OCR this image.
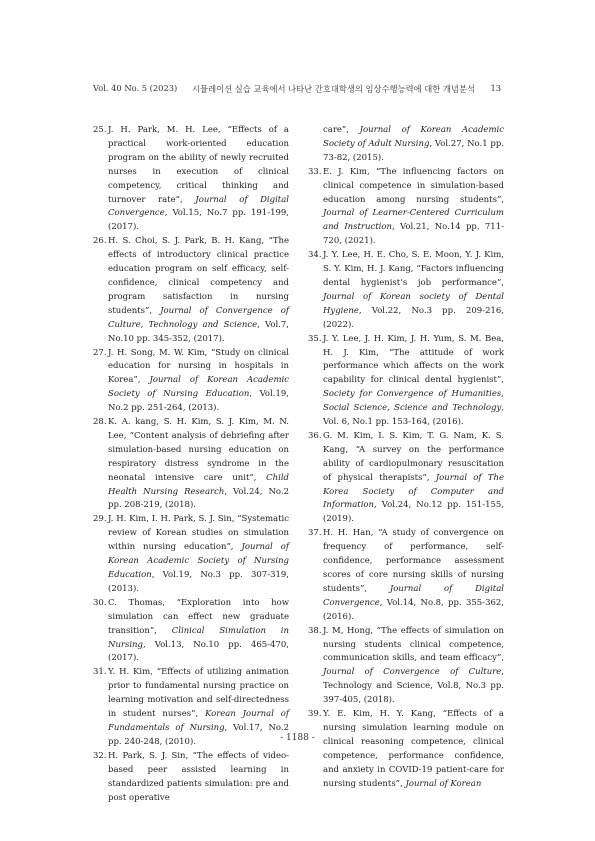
Vol. 40 No. 5 (2023) 시뮬레이션 실습 교육에서 나타난 간호대학생의 임상수행능력에 대한 개념분석 13
25. J. H. Park, M. H. Lee, “Effects of a practical work-oriented education program on the ability of newly recruited nurses in execution of clinical competency, critical thinking and turnover rate”, Journal of Digital Convergence, Vol.15, No.7 pp. 191-199, (2017).
26. H. S. Choi, S. J. Park, B. H. Kang, “The effects of introductory clinical practice education program on self efficacy, self-confidence, clinical competency and program satisfaction in nursing students”, Journal of Convergence of Culture, Technology and Science, Vol.7, No.10 pp. 345-352, (2017).
27. J. H. Song, M. W. Kim, “Study on clinical education for nursing in hospitals in Korea”, Journal of Korean Academic Society of Nursing Education, Vol.19, No.2 pp. 251-264, (2013).
28. K. A. kang, S. H. Kim, S. J. Kim, M. N. Lee, “Content analysis of debriefing after simulation-based nursing education on respiratory distress syndrome in the neonatal intensive care unit”, Child Health Nursing Research, Vol.24, No.2 pp. 208-219, (2018).
29. J. H. Kim, I. H. Park, S. J. Sin, “Systematic review of Korean studies on simulation within nursing education”, Journal of Korean Academic Society of Nursing Education, Vol.19, No.3 pp. 307-319, (2013).
30. C. Thomas, “Exploration into how simulation can effect new graduate transition”, Clinical Simulation in Nursing, Vol.13, No.10 pp. 465-470, (2017).
31. Y. H. Kim, “Effects of utilizing animation prior to fundamental nursing practice on learning motivation and self-directedness in student nurses”, Korean Journal of Fundamentals of Nursing, Vol.17, No.2 pp. 240-248, (2010).
32. H. Park, S. J. Sin, “The effects of video-based peer assisted learning in standardized patients simulation: pre and post operative
care”, Journal of Korean Academic Society of Adult Nursing, Vol.27, No.1 pp. 73-82, (2015).
33. E. J. Kim, “The influencing factors on clinical competence in simulation-based education among nursing students”, Journal of Learner-Centered Curriculum and Instruction, Vol.21, No.14 pp. 711-720, (2021).
34. J. Y. Lee, H. E. Cho, S. E. Moon, Y. J. Kim, S. Y. Kim, H. J. Kang, “Factors influencing dental hygienist’s job performance”, Journal of Korean society of Dental Hygiene, Vol.22, No.3 pp. 209-216, (2022).
35. J. Y. Lee, J. H. Kim, J. H. Yum, S. M. Bea, H. J. Kim, “The attitude of work performance which affects on the work capability for clinical dental hygienist”, Society for Convergence of Humanities, Social Science, Science and Technology, Vol. 6, No.1 pp. 153-164, (2016).
36. G. M. Kim, I. S. Kim, T. G. Nam, K. S. Kang, “A survey on the performance ability of cardiopulmonary resuscitation of physical therapists”, Journal of The Korea Society of Computer and Information, Vol.24, No.12 pp. 151-155, (2019).
37. H. H. Han, “A study of convergence on frequency of performance, self-confidence, performance assessment scores of core nursing skills of nursing students”, Journal of Digital Convergence, Vol.14, No.8, pp. 355-362, (2016).
38. J. M, Hong, “The effects of simulation on nursing students clinical competence, communication skills, and team efficacy”, Journal of Convergence of Culture, Technology and Science, Vol.8, No.3 pp. 397-405, (2018).
39. Y. E. Kim, H. Y. Kang, “Effects of a nursing simulation learning module on clinical reasoning competence, clinical competence, performance confidence, and anxiety in COVID-19 patient-care for nursing students”, Journal of Korean
- 1188 -
